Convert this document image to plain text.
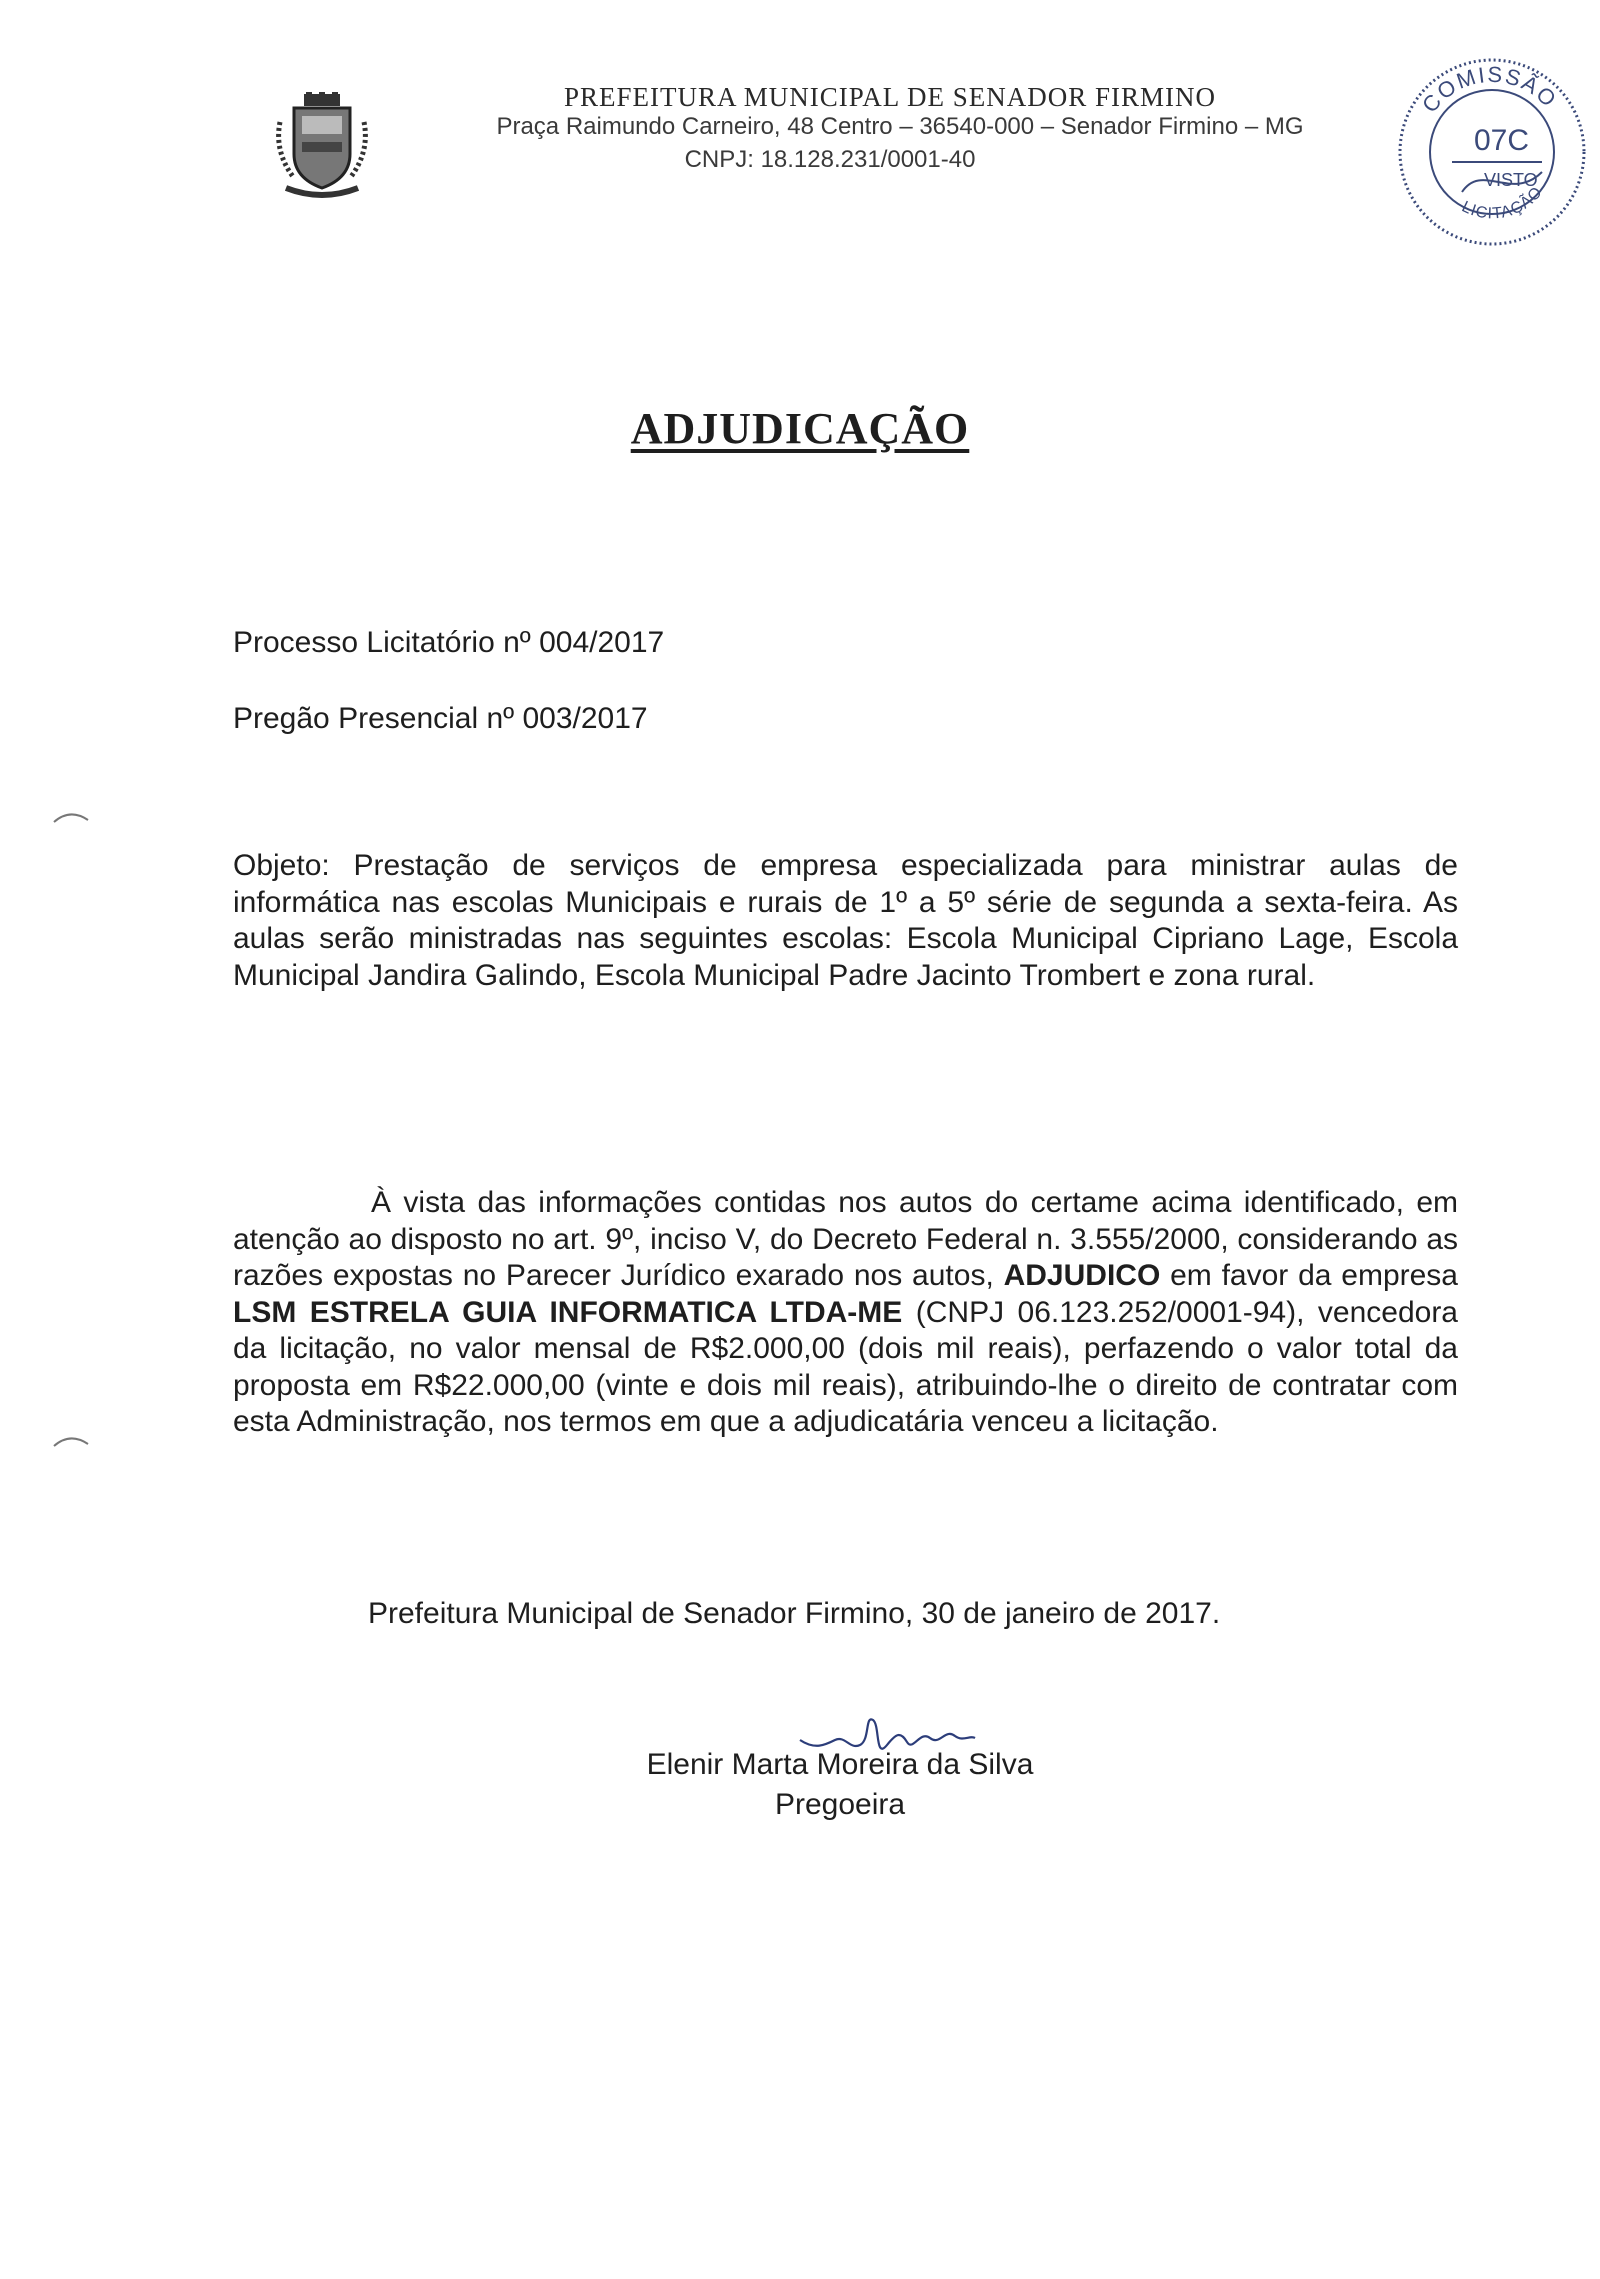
PREFEITURA MUNICIPAL DE SENADOR FIRMINO
Praça Raimundo Carneiro, 48 Centro – 36540-000 – Senador Firmino – MG
CNPJ: 18.128.231/0001-40
COMISSÃO
07C
VISTO
LICITAÇÃO
ADJUDICAÇÃO
Processo Licitatório nº 004/2017
Pregão Presencial nº 003/2017
Objeto: Prestação de serviços de empresa especializada para ministrar aulas de informática nas escolas Municipais e rurais de 1º a 5º série de segunda a sexta-feira. As aulas serão ministradas nas seguintes escolas: Escola Municipal Cipriano Lage, Escola Municipal Jandira Galindo, Escola Municipal Padre Jacinto Trombert e zona rural.
À vista das informações contidas nos autos do certame acima identificado, em atenção ao disposto no art. 9º, inciso V, do Decreto Federal n. 3.555/2000, considerando as razões expostas no Parecer Jurídico exarado nos autos, ADJUDICO em favor da empresa LSM ESTRELA GUIA INFORMATICA LTDA-ME (CNPJ 06.123.252/0001-94), vencedora da licitação, no valor mensal de R$2.000,00 (dois mil reais), perfazendo o valor total da proposta em R$22.000,00 (vinte e dois mil reais), atribuindo-lhe o direito de contratar com esta Administração, nos termos em que a adjudicatária venceu a licitação.
Prefeitura Municipal de Senador Firmino, 30 de janeiro de 2017.
Elenir Marta Moreira da Silva
Pregoeira
